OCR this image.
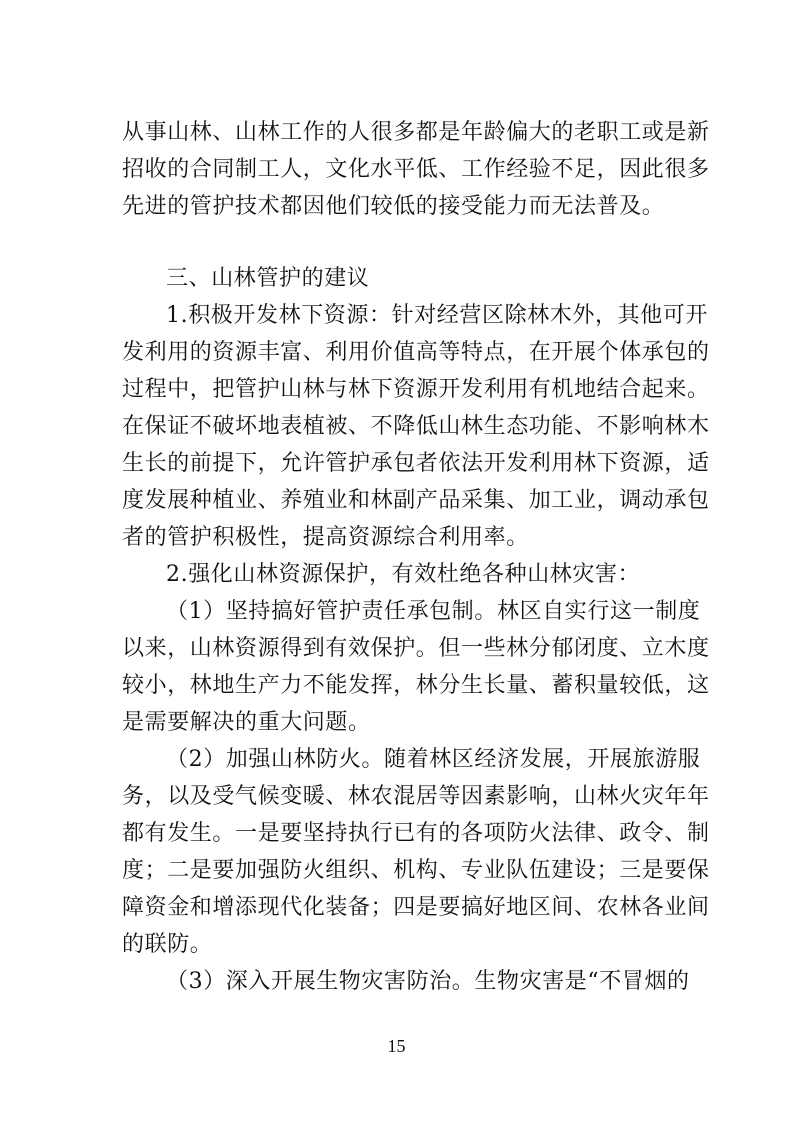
从事山林、山林工作的人很多都是年龄偏大的老职工或是新
招收的合同制工人，文化水平低、工作经验不足，因此很多
先进的管护技术都因他们较低的接受能力而无法普及。
三、山林管护的建议
1.积极开发林下资源：针对经营区除林木外，其他可开
发利用的资源丰富、利用价值高等特点，在开展个体承包的
过程中，把管护山林与林下资源开发利用有机地结合起来。
在保证不破坏地表植被、不降低山林生态功能、不影响林木
生长的前提下，允许管护承包者依法开发利用林下资源，适
度发展种植业、养殖业和林副产品采集、加工业，调动承包
者的管护积极性，提高资源综合利用率。
2.强化山林资源保护，有效杜绝各种山林灾害：
（1）坚持搞好管护责任承包制。林区自实行这一制度
以来，山林资源得到有效保护。但一些林分郁闭度、立木度
较小，林地生产力不能发挥，林分生长量、蓄积量较低，这
是需要解决的重大问题。
（2）加强山林防火。随着林区经济发展，开展旅游服
务，以及受气候变暖、林农混居等因素影响，山林火灾年年
都有发生。一是要坚持执行已有的各项防火法律、政令、制
度；二是要加强防火组织、机构、专业队伍建设；三是要保
障资金和增添现代化装备；四是要搞好地区间、农林各业间
的联防。
（3）深入开展生物灾害防治。生物灾害是“不冒烟的
15
